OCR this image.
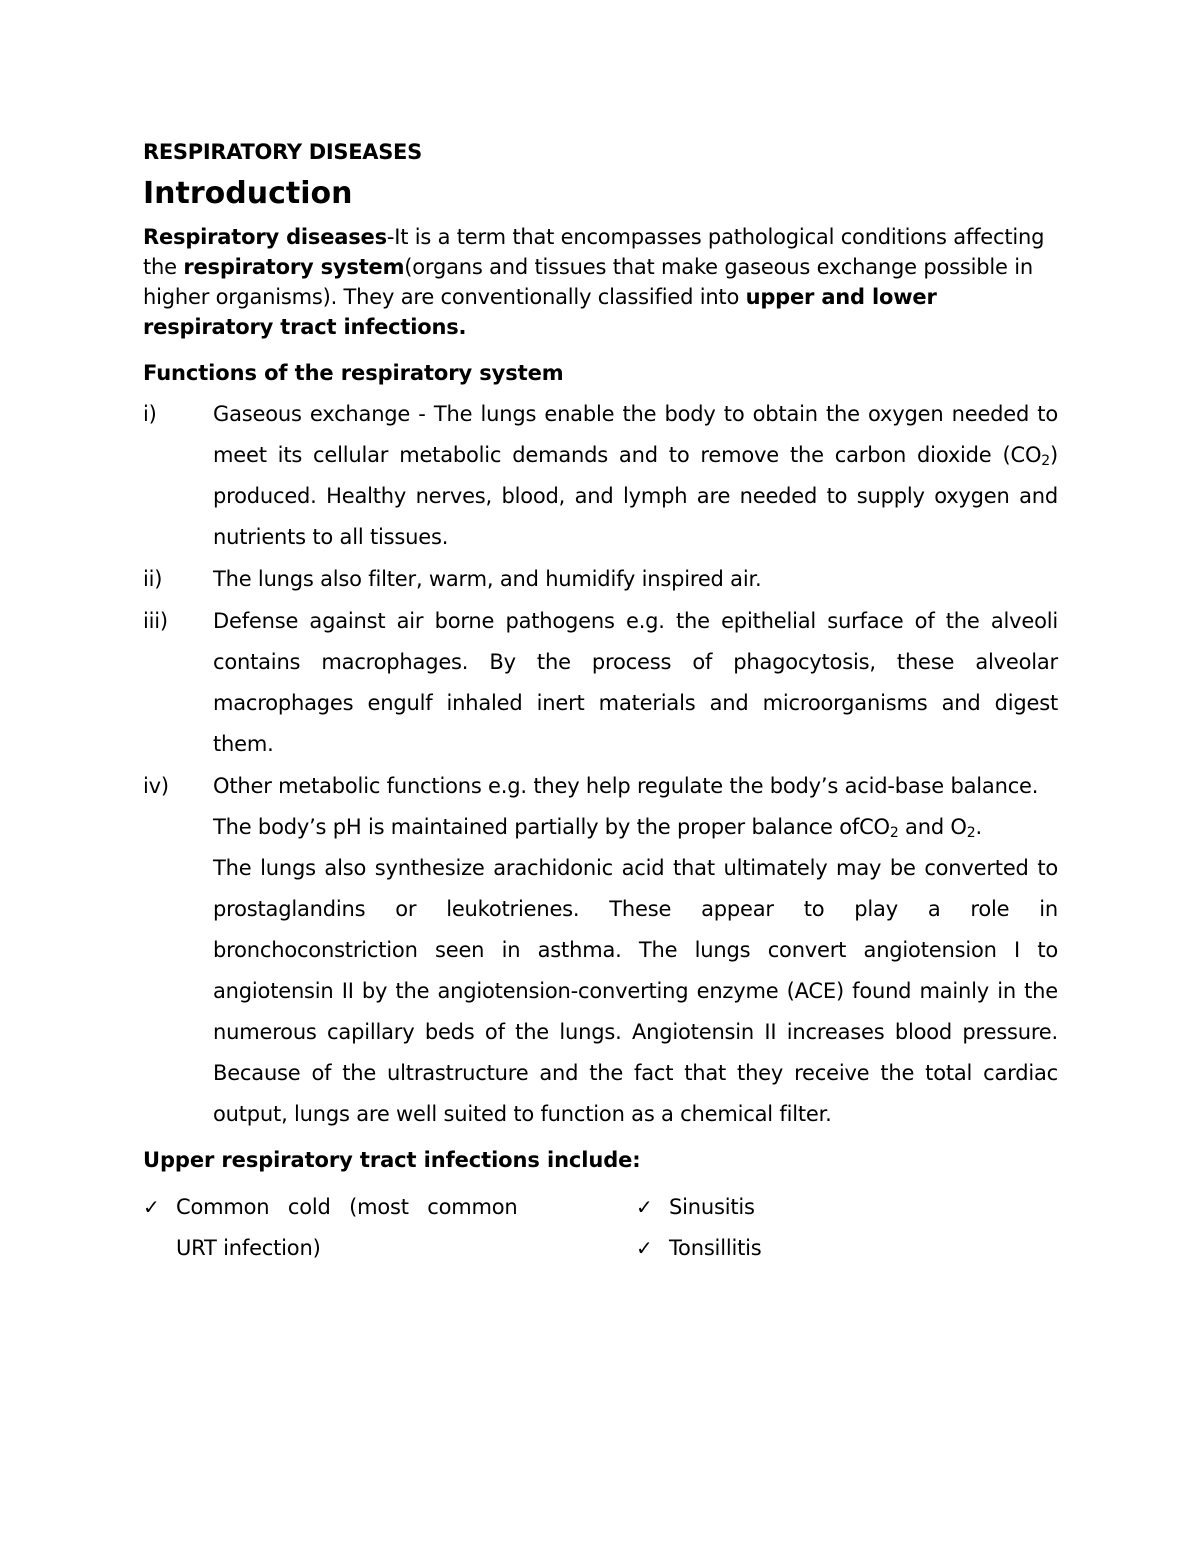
RESPIRATORY DISEASES
Introduction

Respiratory diseases-It is a term that encompasses pathological conditions affecting the respiratory system(organs and tissues that make gaseous exchange possible in higher organisms). They are conventionally classified into upper and lower respiratory tract infections.

Functions of the respiratory system
i)	Gaseous exchange - The lungs enable the body to obtain the oxygen needed to meet its cellular metabolic demands and to remove the carbon dioxide $(CO_2)$ produced. Healthy nerves, blood, and lymph are needed to supply oxygen and nutrients to all tissues.
ii)	The lungs also filter, warm, and humidify inspired air.
iii)	Defense against air borne pathogens e.g. the epithelial surface of the alveoli contains macrophages. By the process of phagocytosis, these alveolar macrophages engulf inhaled inert materials and microorganisms and digest them.
iv)	Other metabolic functions e.g. they help regulate the body’s acid-base balance.

The body’s pH is maintained partially by the proper balance ofCO$_2$ and $O_2$.

The lungs also synthesize arachidonic acid that ultimately may be converted to prostaglandins or leukotrienes. These appear to play a role in bronchoconstriction seen in asthma. The lungs convert angiotension I to angiotensin II by the angiotension-converting enzyme (ACE) found mainly in the numerous capillary beds of the lungs. Angiotensin II increases blood pressure. Because of the ultrastructure and the fact that they receive the total cardiac output, lungs are well suited to function as a chemical filter.

Upper respiratory tract infections include:
✓ Common cold (most common
URT infection)
✓ Sinusitis
✓ Tonsillitis
